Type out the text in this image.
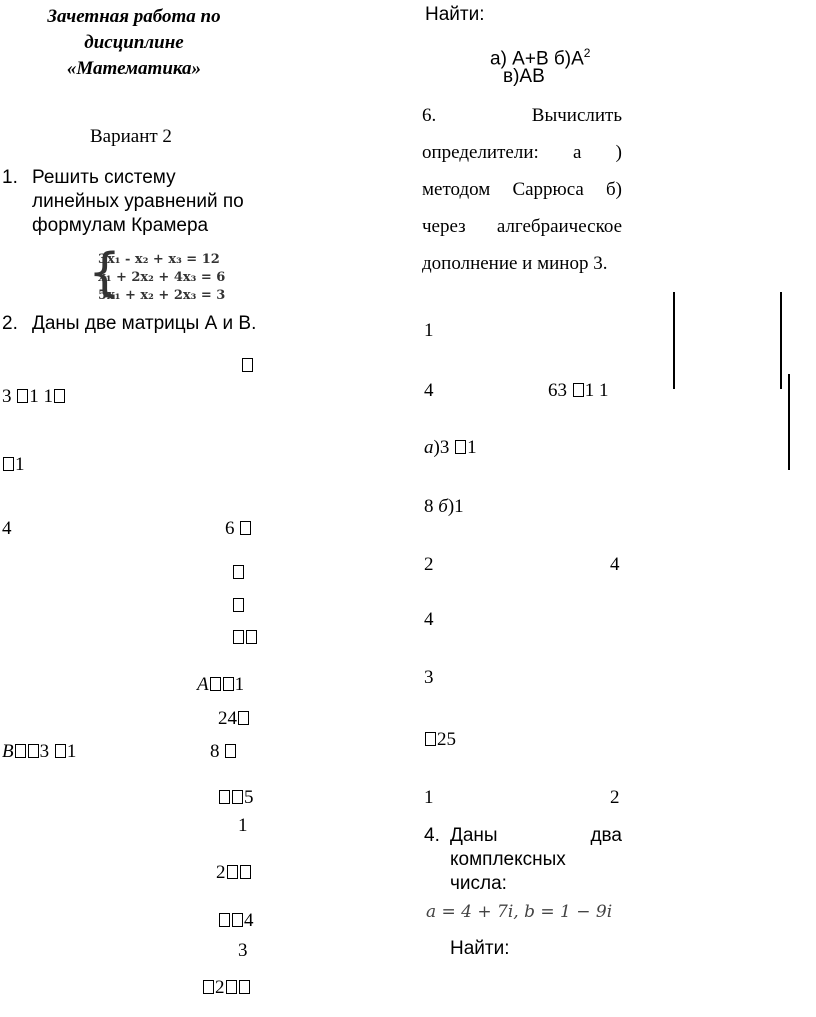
Зачетная работа по
дисциплине
«Математика»
Вариант 2
1. Решить систему
линейных уравнений по
формулам Крамера
{
3x₁ - x₂ + x₃ = 12
x₁ + 2x₂ + 4x₃ = 6
5x₁ + x₂ + 2x₃ = 3
2. Даны две матрицы А и В.
3 1 1
1
4	6
A 1
24
B 3 1	8
5
1
2
4
3
2
Найти:
а) А+В $б)А^2$
в)АВ
6.	Вычислить
определители: а )
методом Саррюса б)
через алгебраическое
дополнение и минор 3.
1
4	63 1 1
a)3 1
8 б)1
2	4
4
3
25
1	2
4. Даны	два
комплексных
числа:
a = 4 + 7i, b = 1 − 9i
Найти:
